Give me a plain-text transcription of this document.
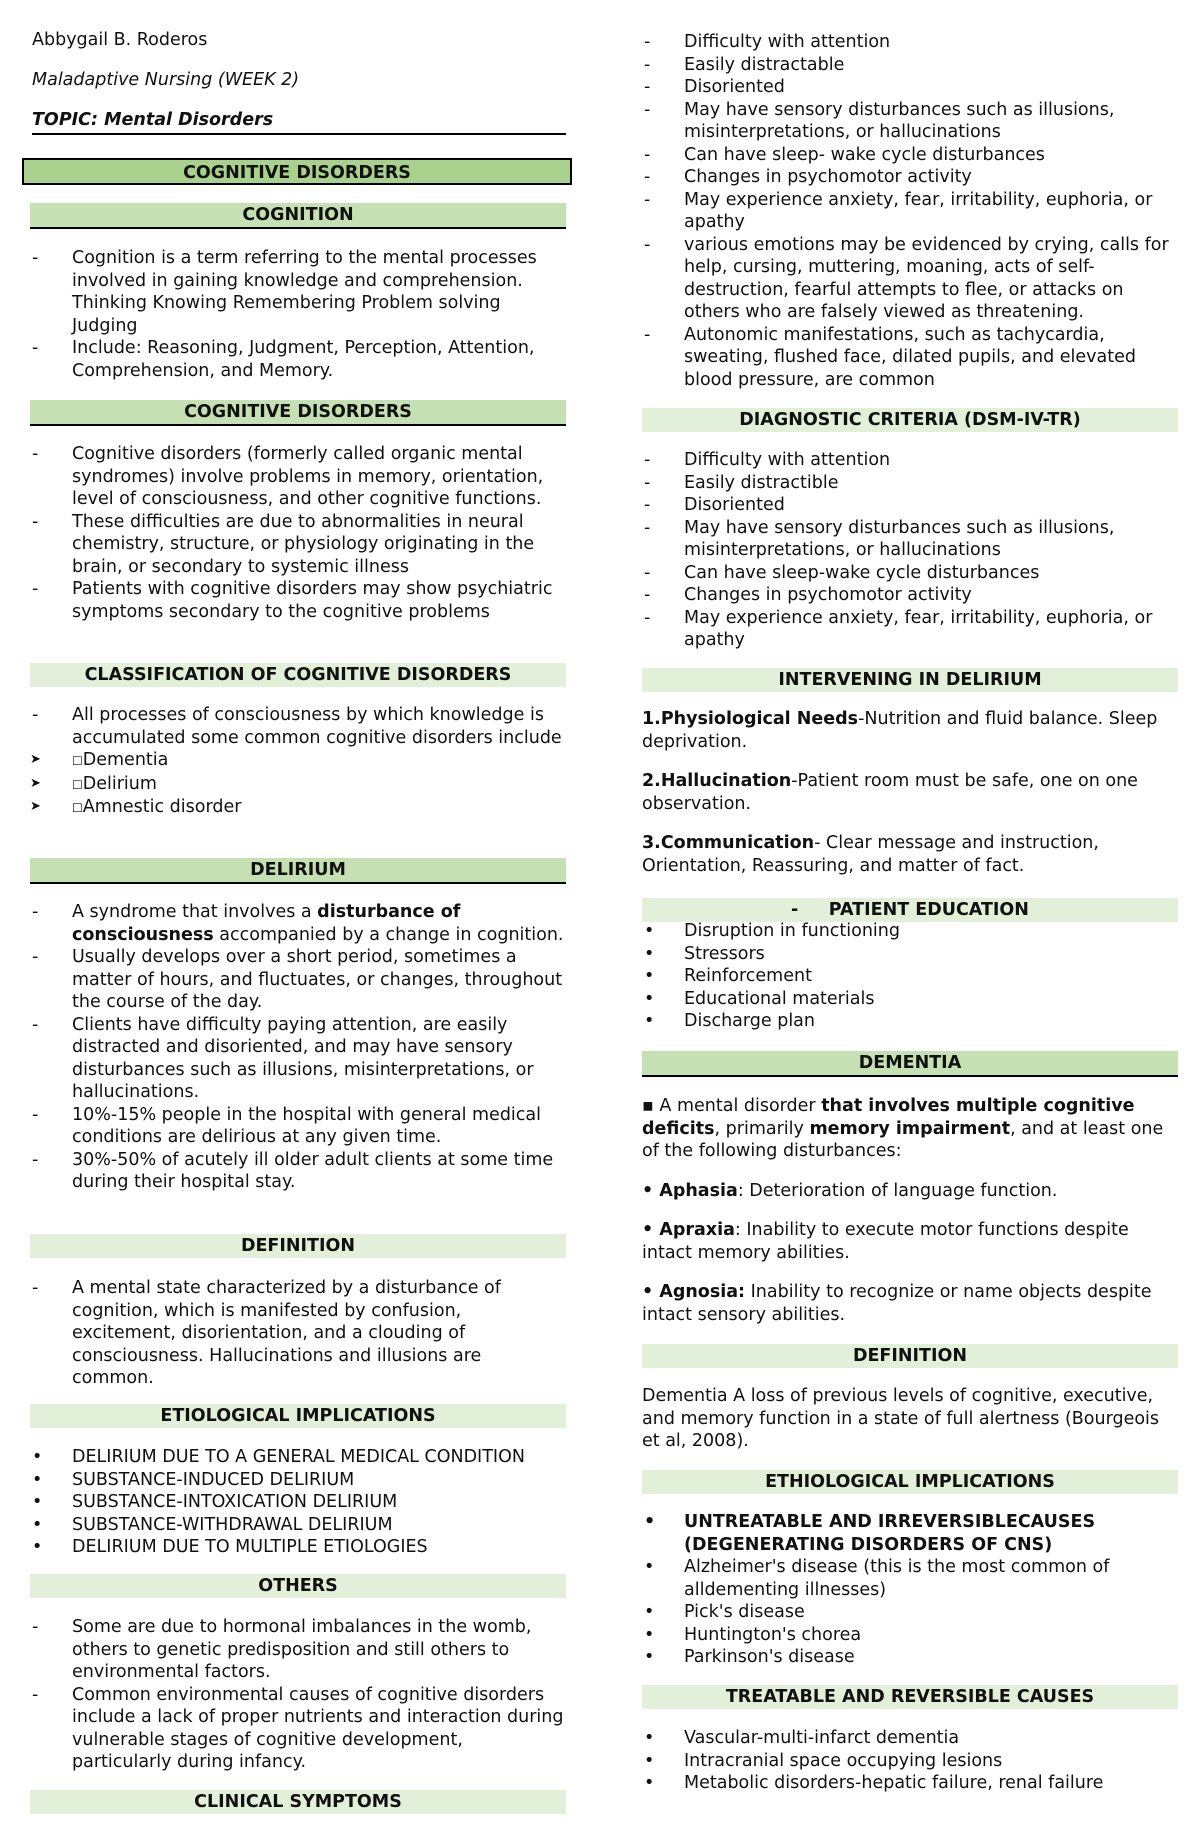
Abbygail B. Roderos
Maladaptive Nursing (WEEK 2)
TOPIC: Mental Disorders
COGNITIVE DISORDERS
COGNITION
- Cognition is a term referring to the mental processes involved in gaining knowledge and comprehension. Thinking Knowing Remembering Problem solving Judging
- Include: Reasoning, Judgment, Perception, Attention, Comprehension, and Memory.
COGNITIVE DISORDERS
- Cognitive disorders (formerly called organic mental syndromes) involve problems in memory, orientation, level of consciousness, and other cognitive functions.
- These difficulties are due to abnormalities in neural chemistry, structure, or physiology originating in the brain, or secondary to systemic illness
- Patients with cognitive disorders may show psychiatric symptoms secondary to the cognitive problems
CLASSIFICATION OF COGNITIVE DISORDERS
- All processes of consciousness by which knowledge is accumulated some common cognitive disorders include
➤ ☐Dementia
➤ ☐Delirium
➤ ☐Amnestic disorder
DELIRIUM
- A syndrome that involves a disturbance of consciousness accompanied by a change in cognition.
- Usually develops over a short period, sometimes a matter of hours, and fluctuates, or changes, throughout the course of the day.
- Clients have difficulty paying attention, are easily distracted and disoriented, and may have sensory disturbances such as illusions, misinterpretations, or hallucinations.
- 10%-15% people in the hospital with general medical conditions are delirious at any given time.
- 30%-50% of acutely ill older adult clients at some time during their hospital stay.
DEFINITION
- A mental state characterized by a disturbance of cognition, which is manifested by confusion, excitement, disorientation, and a clouding of consciousness. Hallucinations and illusions are common.
ETIOLOGICAL IMPLICATIONS
• DELIRIUM DUE TO A GENERAL MEDICAL CONDITION
• SUBSTANCE-INDUCED DELIRIUM
• SUBSTANCE-INTOXICATION DELIRIUM
• SUBSTANCE-WITHDRAWAL DELIRIUM
• DELIRIUM DUE TO MULTIPLE ETIOLOGIES
OTHERS
- Some are due to hormonal imbalances in the womb, others to genetic predisposition and still others to environmental factors.
- Common environmental causes of cognitive disorders include a lack of proper nutrients and interaction during vulnerable stages of cognitive development, particularly during infancy.
CLINICAL SYMPTOMS
- Difficulty with attention
- Easily distractable
- Disoriented
- May have sensory disturbances such as illusions, misinterpretations, or hallucinations
- Can have sleep- wake cycle disturbances
- Changes in psychomotor activity
- May experience anxiety, fear, irritability, euphoria, or apathy
- various emotions may be evidenced by crying, calls for help, cursing, muttering, moaning, acts of self-destruction, fearful attempts to flee, or attacks on others who are falsely viewed as threatening.
- Autonomic manifestations, such as tachycardia, sweating, flushed face, dilated pupils, and elevated blood pressure, are common
DIAGNOSTIC CRITERIA (DSM-IV-TR)
- Difficulty with attention
- Easily distractible
- Disoriented
- May have sensory disturbances such as illusions, misinterpretations, or hallucinations
- Can have sleep-wake cycle disturbances
- Changes in psychomotor activity
- May experience anxiety, fear, irritability, euphoria, or apathy
INTERVENING IN DELIRIUM

1.Physiological Needs-Nutrition and fluid balance. Sleep deprivation.

2.Hallucination-Patient room must be safe, one on one observation.

3.Communication- Clear message and instruction, Orientation, Reassuring, and matter of fact.

-     PATIENT EDUCATION
• Disruption in functioning
• Stressors
• Reinforcement
• Educational materials
• Discharge plan
DEMENTIA

▪ A mental disorder that involves multiple cognitive deficits, primarily memory impairment, and at least one of the following disturbances:

• Aphasia: Deterioration of language function.

• Apraxia: Inability to execute motor functions despite intact memory abilities.

• Agnosia: Inability to recognize or name objects despite intact sensory abilities.

DEFINITION

Dementia A loss of previous levels of cognitive, executive, and memory function in a state of full alertness (Bourgeois et al, 2008).

ETHIOLOGICAL IMPLICATIONS
• UNTREATABLE AND IRREVERSIBLECAUSES (DEGENERATING DISORDERS OF CNS)
• Alzheimer's disease (this is the most common of alldementing illnesses)
• Pick's disease
• Huntington's chorea
• Parkinson's disease
TREATABLE AND REVERSIBLE CAUSES
• Vascular-multi-infarct dementia
• Intracranial space occupying lesions
• Metabolic disorders-hepatic failure, renal failure
